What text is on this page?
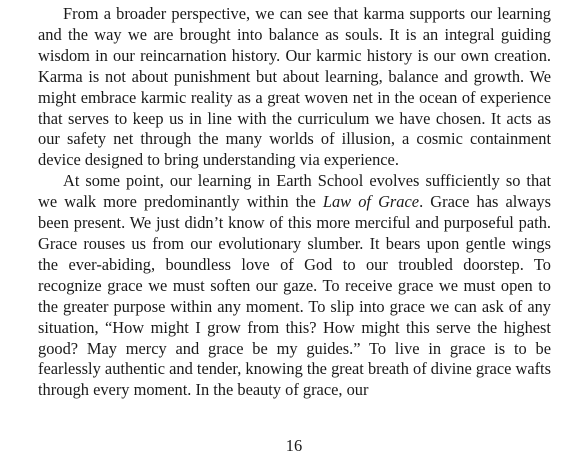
From a broader perspective, we can see that karma supports our learning and the way we are brought into balance as souls. It is an integral guiding wisdom in our reincarnation history. Our karmic history is our own creation. Karma is not about punishment but about learning, balance and growth. We might embrace karmic reality as a great woven net in the ocean of experience that serves to keep us in line with the curriculum we have chosen. It acts as our safety net through the many worlds of illusion, a cosmic containment device designed to bring understanding via experience.

At some point, our learning in Earth School evolves sufficiently so that we walk more predominantly within the Law of Grace. Grace has always been present. We just didn’t know of this more merciful and purposeful path. Grace rouses us from our evolutionary slumber. It bears upon gentle wings the ever-abiding, boundless love of God to our troubled doorstep. To recognize grace we must soften our gaze. To receive grace we must open to the greater purpose within any moment. To slip into grace we can ask of any situation, “How might I grow from this? How might this serve the highest good? May mercy and grace be my guides.” To live in grace is to be fearlessly authentic and tender, knowing the great breath of divine grace wafts through every moment. In the beauty of grace, our

16
